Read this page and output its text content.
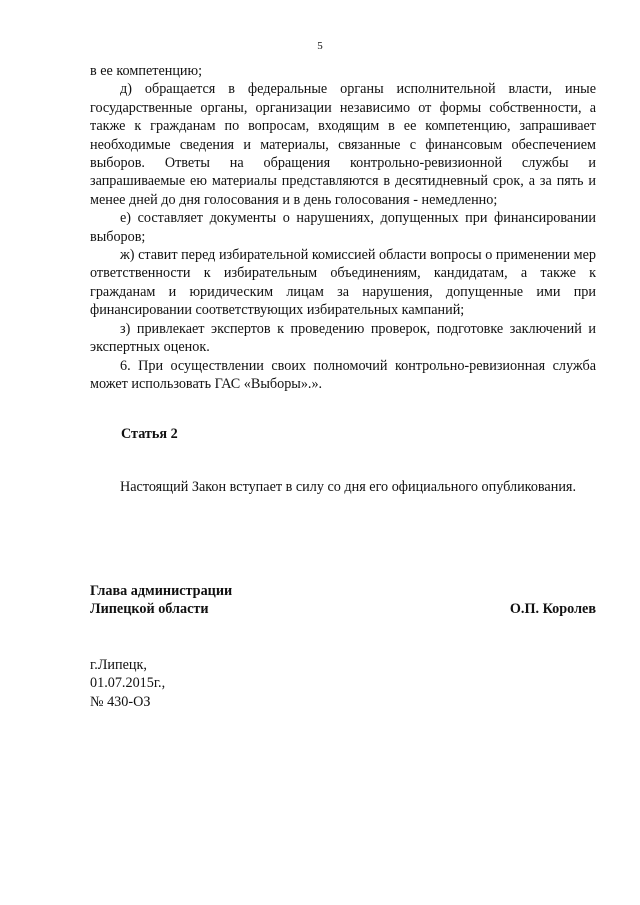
5

в ее компетенцию;

д) обращается в федеральные органы исполнительной власти, иные государственные органы, организации независимо от формы собственности, а также к гражданам по вопросам, входящим в ее компетенцию, запрашивает необходимые сведения и материалы, связанные с финансовым обеспечением выборов. Ответы на обращения контрольно-ревизионной службы и запрашиваемые ею материалы представляются в десятидневный срок, а за пять и менее дней до дня голосования и в день голосования - немедленно;

е) составляет документы о нарушениях, допущенных при финансировании выборов;

ж) ставит перед избирательной комиссией области вопросы о применении мер ответственности к избирательным объединениям, кандидатам, а также к гражданам и юридическим лицам за нарушения, допущенные ими при финансировании соответствующих избирательных кампаний;

з) привлекает экспертов к проведению проверок, подготовке заключений и экспертных оценок.

6. При осуществлении своих полномочий контрольно-ревизионная служба может использовать ГАС «Выборы».».

Статья 2

Настоящий Закон вступает в силу со дня его официального опубликования.

Глава администрации
Липецкой области	О.П. Королев
г.Липецк,
01.07.2015г.,
№ 430-ОЗ
